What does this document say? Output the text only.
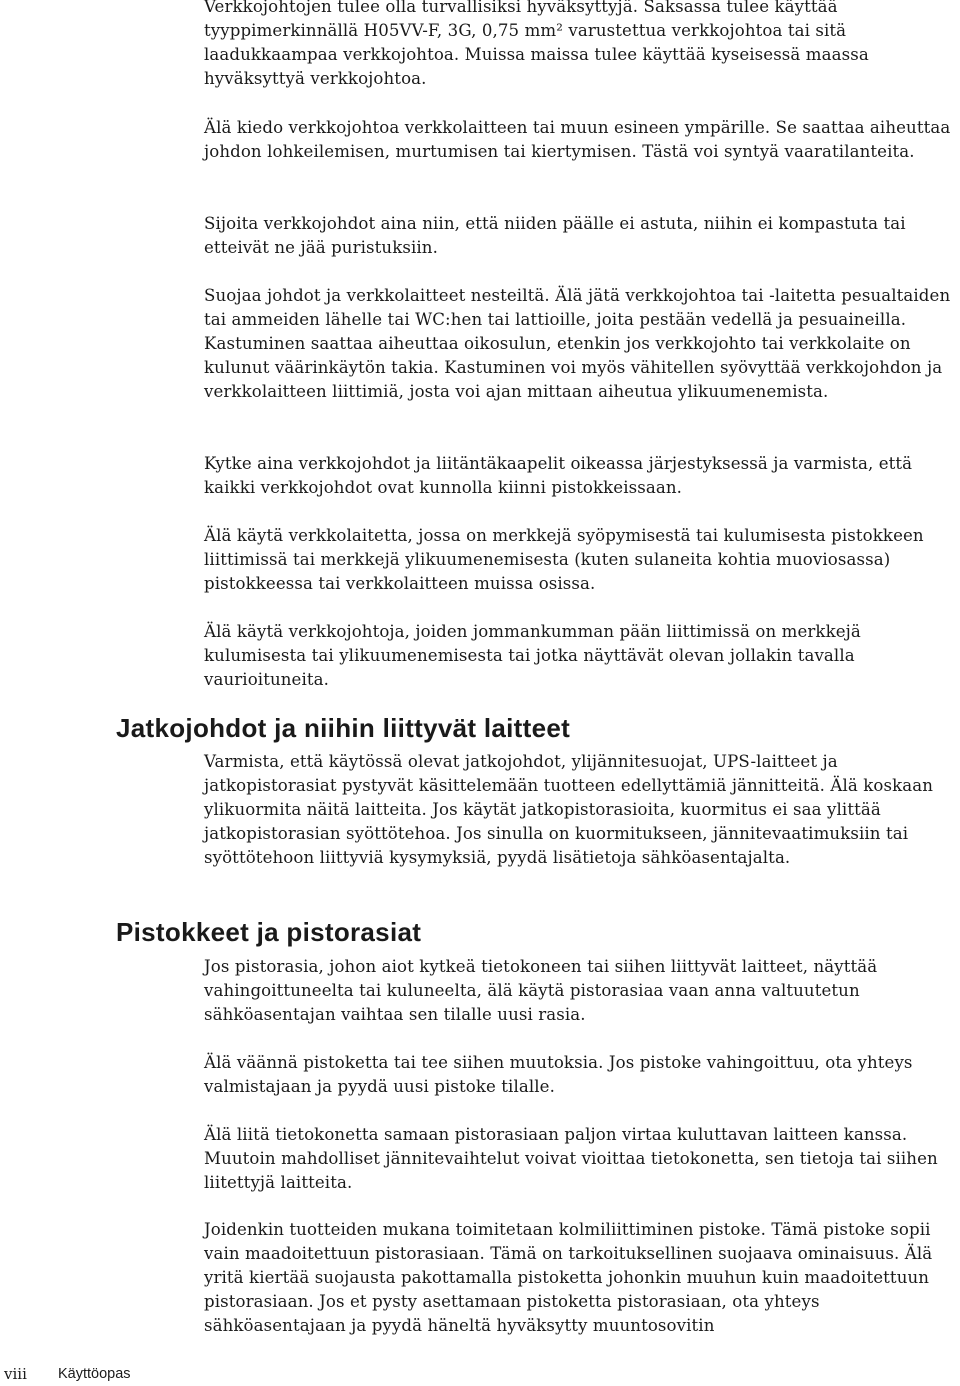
Verkkojohtojen tulee olla turvallisiksi hyväksyttyjä. Saksassa tulee käyttää tyyppimerkinnällä H05VV-F, 3G, 0,75 mm² varustettua verkkojohtoa tai sitä laadukkaampaa verkkojohtoa. Muissa maissa tulee käyttää kyseisessä maassa hyväksyttyä verkkojohtoa.

Älä kiedo verkkojohtoa verkkolaitteen tai muun esineen ympärille. Se saattaa aiheuttaa johdon lohkeilemisen, murtumisen tai kiertymisen. Tästä voi syntyä vaaratilanteita.

Sijoita verkkojohdot aina niin, että niiden päälle ei astuta, niihin ei kompastuta tai etteivät ne jää puristuksiin.

Suojaa johdot ja verkkolaitteet nesteiltä. Älä jätä verkkojohtoa tai -laitetta pesualtaiden tai ammeiden lähelle tai WC:hen tai lattioille, joita pestään vedellä ja pesuaineilla. Kastuminen saattaa aiheuttaa oikosulun, etenkin jos verkkojohto tai verkkolaite on kulunut väärinkäytön takia. Kastuminen voi myös vähitellen syövyttää verkkojohdon ja verkkolaitteen liittimiä, josta voi ajan mittaan aiheutua ylikuumenemista.

Kytke aina verkkojohdot ja liitäntäkaapelit oikeassa järjestyksessä ja varmista, että kaikki verkkojohdot ovat kunnolla kiinni pistokkeissaan.

Älä käytä verkkolaitetta, jossa on merkkejä syöpymisestä tai kulumisesta pistokkeen liittimissä tai merkkejä ylikuumenemisesta (kuten sulaneita kohtia muoviosassa) pistokkeessa tai verkkolaitteen muissa osissa.

Älä käytä verkkojohtoja, joiden jommankumman pään liittimissä on merkkejä kulumisesta tai ylikuumenemisesta tai jotka näyttävät olevan jollakin tavalla vaurioituneita.

Jatkojohdot ja niihin liittyvät laitteet

Varmista, että käytössä olevat jatkojohdot, ylijännitesuojat, UPS-laitteet ja jatkopistorasiat pystyvät käsittelemään tuotteen edellyttämiä jännitteitä. Älä koskaan ylikuormita näitä laitteita. Jos käytät jatkopistorasioita, kuormitus ei saa ylittää jatkopistorasian syöttötehoa. Jos sinulla on kuormitukseen, jännitevaatimuksiin tai syöttötehoon liittyviä kysymyksiä, pyydä lisätietoja sähköasentajalta.

Pistokkeet ja pistorasiat

Jos pistorasia, johon aiot kytkeä tietokoneen tai siihen liittyvät laitteet, näyttää vahingoittuneelta tai kuluneelta, älä käytä pistorasiaa vaan anna valtuutetun sähköasentajan vaihtaa sen tilalle uusi rasia.

Älä väännä pistoketta tai tee siihen muutoksia. Jos pistoke vahingoittuu, ota yhteys valmistajaan ja pyydä uusi pistoke tilalle.

Älä liitä tietokonetta samaan pistorasiaan paljon virtaa kuluttavan laitteen kanssa. Muutoin mahdolliset jännitevaihtelut voivat vioittaa tietokonetta, sen tietoja tai siihen liitettyjä laitteita.

Joidenkin tuotteiden mukana toimitetaan kolmiliittiminen pistoke. Tämä pistoke sopii vain maadoitettuun pistorasiaan. Tämä on tarkoituksellinen suojaava ominaisuus. Älä yritä kiertää suojausta pakottamalla pistoketta johonkin muuhun kuin maadoitettuun pistorasiaan. Jos et pysty asettamaan pistoketta pistorasiaan, ota yhteys sähköasentajaan ja pyydä häneltä hyväksytty muuntosovitin

viii Käyttöopas
